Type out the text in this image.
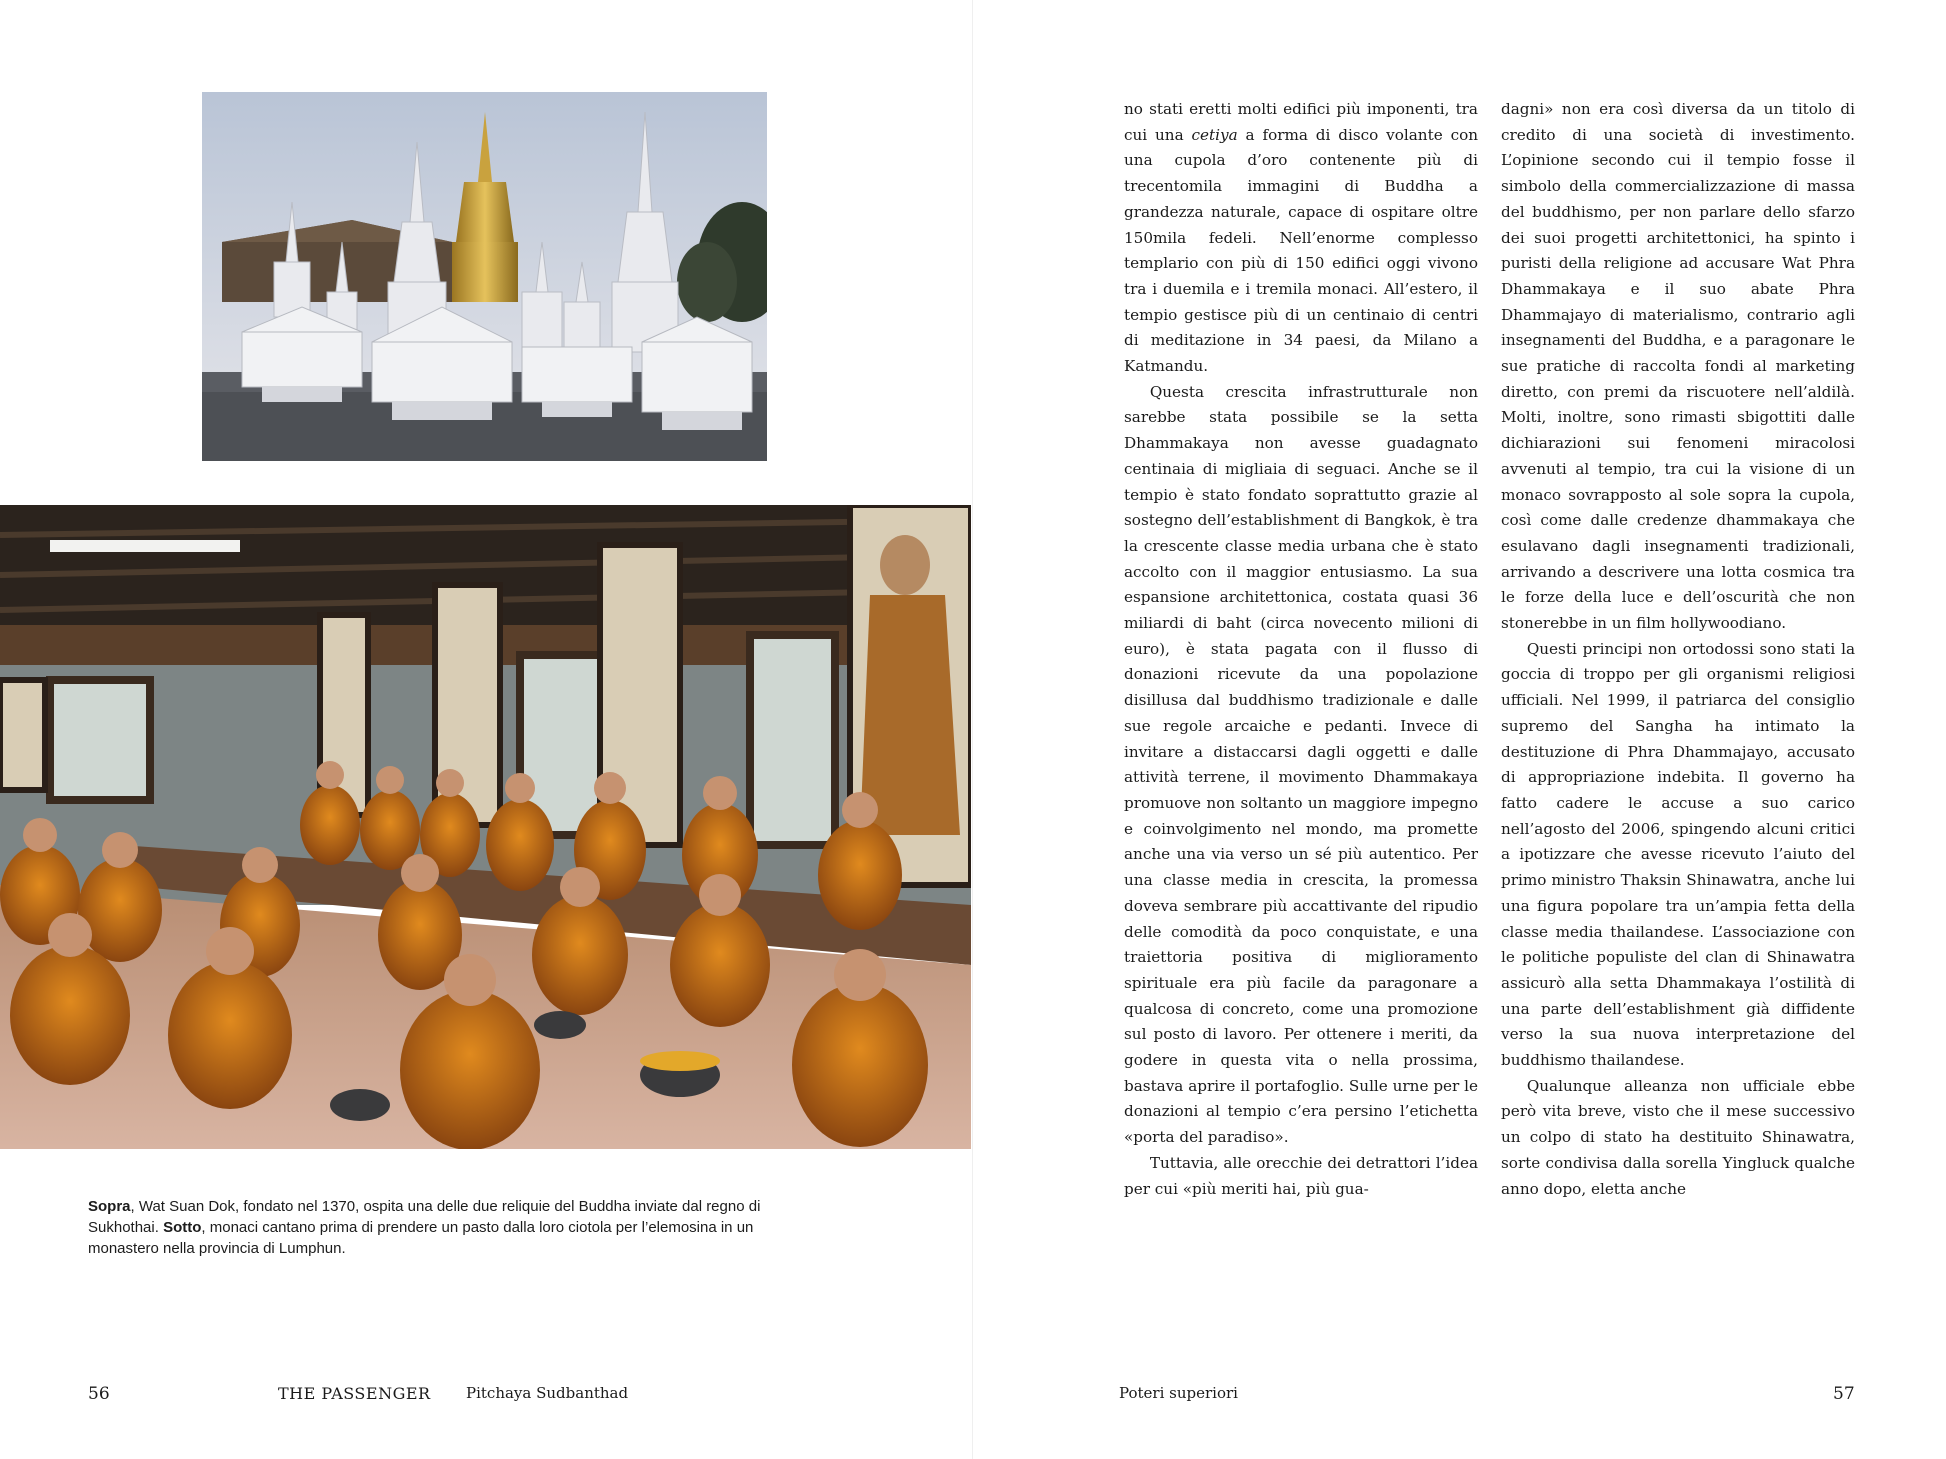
Sopra, Wat Suan Dok, fondato nel 1370, ospita una delle due reliquie del Buddha inviate dal regno di Sukhothai. Sotto, monaci cantano prima di prendere un pasto dalla loro ciotola per l’elemosina in un monastero nella provincia di Lumphun.
56	THE PASSENGER Pitchaya Sudbanthad

no stati eretti molti edifici più imponenti, tra cui una cetiya a forma di disco volante con una cupola d’oro contenente più di trecentomila immagini di Buddha a grandezza naturale, capace di ospitare oltre 150mila fedeli. Nell’enorme complesso templario con più di 150 edifici oggi vivono tra i duemila e i tremila monaci. All’estero, il tempio gestisce più di un centinaio di centri di meditazione in 34 paesi, da Milano a Katmandu.

Questa crescita infrastrutturale non sarebbe stata possibile se la setta Dhammakaya non avesse guadagnato centinaia di migliaia di seguaci. Anche se il tempio è stato fondato soprattutto grazie al sostegno dell’establishment di Bangkok, è tra la crescente classe media urbana che è stato accolto con il maggior entusiasmo. La sua espansione architettonica, costata quasi 36 miliardi di baht (circa novecento milioni di euro), è stata pagata con il flusso di donazioni ricevute da una popolazione disillusa dal buddhismo tradizionale e dalle sue regole arcaiche e pedanti. Invece di invitare a distaccarsi dagli oggetti e dalle attività terrene, il movimento Dhammakaya promuove non soltanto un maggiore impegno e coinvolgimento nel mondo, ma promette anche una via verso un sé più autentico. Per una classe media in crescita, la promessa doveva sembrare più accattivante del ripudio delle comodità da poco conquistate, e una traiettoria positiva di miglioramento spirituale era più facile da paragonare a qualcosa di concreto, come una promozione sul posto di lavoro. Per ottenere i meriti, da godere in questa vita o nella prossima, bastava aprire il portafoglio. Sulle urne per le donazioni al tempio c’era persino l’etichetta «porta del paradiso».

Tuttavia, alle orecchie dei detrattori l’idea per cui «più meriti hai, più gua-

dagni» non era così diversa da un titolo di credito di una società di investimento. L’opinione secondo cui il tempio fosse il simbolo della commercializzazione di massa del buddhismo, per non parlare dello sfarzo dei suoi progetti architettonici, ha spinto i puristi della religione ad accusare Wat Phra Dhammakaya e il suo abate Phra Dhammajayo di materialismo, contrario agli insegnamenti del Buddha, e a paragonare le sue pratiche di raccolta fondi al marketing diretto, con premi da riscuotere nell’aldilà. Molti, inoltre, sono rimasti sbigottiti dalle dichiarazioni sui fenomeni miracolosi avvenuti al tempio, tra cui la visione di un monaco sovrapposto al sole sopra la cupola, così come dalle credenze dhammakaya che esulavano dagli insegnamenti tradizionali, arrivando a descrivere una lotta cosmica tra le forze della luce e dell’oscurità che non stonerebbe in un film hollywoodiano.

Questi principi non ortodossi sono stati la goccia di troppo per gli organismi religiosi ufficiali. Nel 1999, il patriarca del consiglio supremo del Sangha ha intimato la destituzione di Phra Dhammajayo, accusato di appropriazione indebita. Il governo ha fatto cadere le accuse a suo carico nell’agosto del 2006, spingendo alcuni critici a ipotizzare che avesse ricevuto l’aiuto del primo ministro Thaksin Shinawatra, anche lui una figura popolare tra un’ampia fetta della classe media thailandese. L’associazione con le politiche populiste del clan di Shinawatra assicurò alla setta Dhammakaya l’ostilità di una parte dell’establishment già diffidente verso la sua nuova interpretazione del buddhismo thailandese.

Qualunque alleanza non ufficiale ebbe però vita breve, visto che il mese successivo un colpo di stato ha destituito Shinawatra, sorte condivisa dalla sorella Yingluck qualche anno dopo, eletta anche

Poteri superiori	57
